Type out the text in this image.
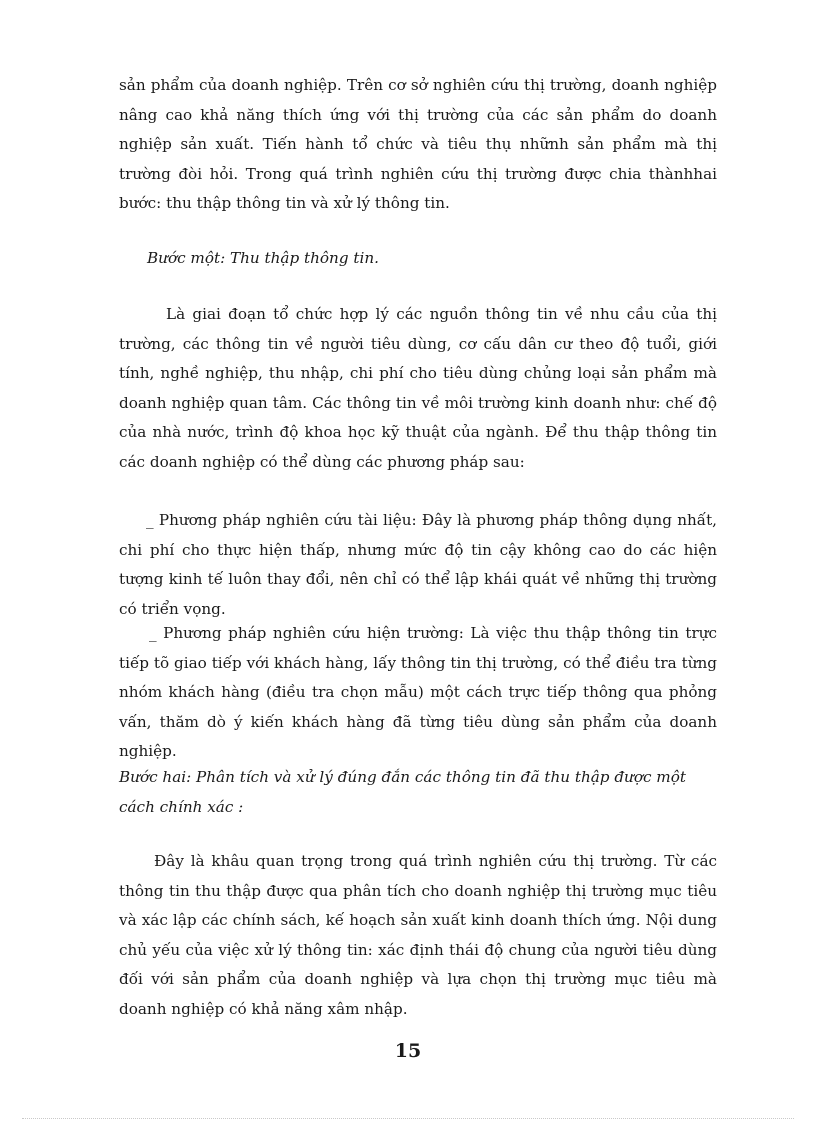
sản phẩm của doanh nghiệp. Trên cơ sở nghiên cứu thị trường, doanh nghiệp nâng cao khả năng thích ứng với thị trường của các sản phẩm do doanh nghiệp sản xuất. Tiến hành tổ chức và tiêu thụ nhữnh sản phẩm mà thị trường đòi hỏi. Trong quá trình nghiên cứu thị trường được chia thànhhai bước: thu thập thông tin và xử lý thông tin.

Bước một: Thu thập thông tin.

Là giai đoạn tổ chức hợp lý các nguồn thông tin về nhu cầu của thị trường, các thông tin về người tiêu dùng, cơ cấu dân cư theo độ tuổi, giới tính, nghề nghiệp, thu nhập, chi phí cho tiêu dùng chủng loại sản phẩm mà doanh nghiệp quan tâm. Các thông tin về môi trường kinh doanh như: chế độ của nhà nước, trình độ khoa học kỹ thuật của ngành. Để thu thập thông tin các doanh nghiệp có thể dùng các phương pháp sau:

_ Phương pháp nghiên cứu tài liệu: Đây là phương pháp thông dụng nhất, chi phí cho thực hiện thấp, nhưng mức độ tin cậy không cao do các hiện tượng kinh tế luôn thay đổi, nên chỉ có thể lập khái quát về những thị trường có triển vọng.

_ Phương pháp nghiên cứu hiện trường: Là việc thu thập thông tin trực tiếp tõ giao tiếp với khách hàng, lấy thông tin thị trường, có thể điều tra từng nhóm khách hàng (điều tra chọn mẫu) một cách trực tiếp thông qua phỏng vấn, thăm dò ý kiến khách hàng đã từng tiêu dùng sản phẩm của doanh nghiệp.

Bước hai: Phân tích và xử lý đúng đắn các thông tin đã thu thập được một cách chính xác :

Đây là khâu quan trọng trong quá trình nghiên cứu thị trường. Từ các thông tin thu thập được qua phân tích cho doanh nghiệp thị trường mục tiêu và xác lập các chính sách, kế hoạch sản xuất kinh doanh thích ứng. Nội dung chủ yếu của việc xử lý thông tin: xác định thái độ chung của người tiêu dùng đối với sản phẩm của doanh nghiệp và lựa chọn thị trường mục tiêu mà doanh nghiệp có khả năng xâm nhập.

15
